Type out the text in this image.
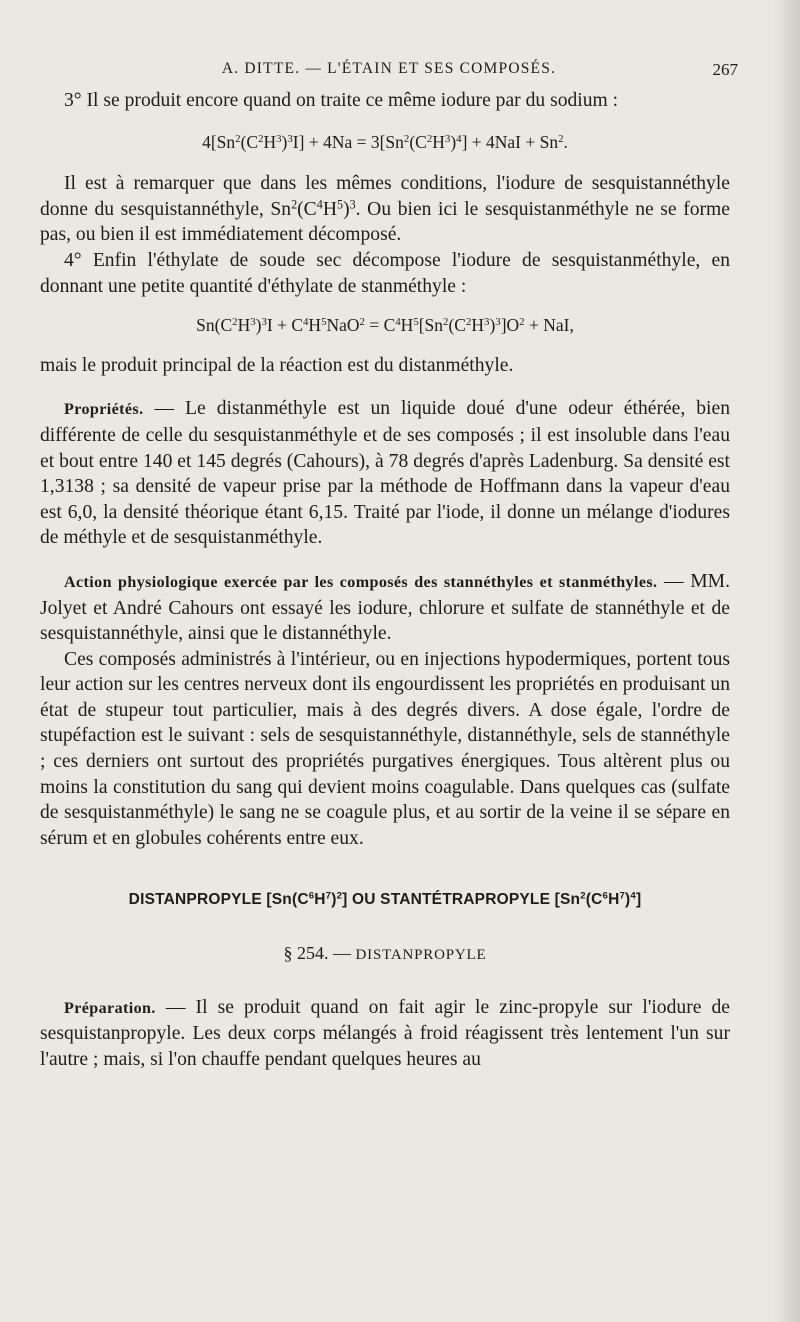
A. DITTE. — L'ÉTAIN ET SES COMPOSÉS.	267

3° Il se produit encore quand on traite ce même iodure par du sodium :

$4[Sn^2(C^2H^3)^3I] + 4Na = 3[Sn^2(C^2H^3)^4] + 4NaI + Sn^2$.

Il est à remarquer que dans les mêmes conditions, l'iodure de sesquistannéthyle donne du sesquistannéthyle, $Sn^2(C^4H^5)^3$. Ou bien ici le sesquistanméthyle ne se forme pas, ou bien il est immédiatement décomposé.

4° Enfin l'éthylate de soude sec décompose l'iodure de sesquistanméthyle, en donnant une petite quantité d'éthylate de stanméthyle :

$Sn(C^2H^3)^3I + C^4H^5NaO^2 = C^4H^5[Sn^2(C^2H^3)^3]O^2$ + NaI,

mais le produit principal de la réaction est du distanméthyle.

Propriétés. — Le distanméthyle est un liquide doué d'une odeur éthérée, bien différente de celle du sesquistanméthyle et de ses composés ; il est insoluble dans l'eau et bout entre 140 et 145 degrés (Cahours), à 78 degrés d'après Ladenburg. Sa densité est 1,3138 ; sa densité de vapeur prise par la méthode de Hoffmann dans la vapeur d'eau est 6,0, la densité théorique étant 6,15. Traité par l'iode, il donne un mélange d'iodures de méthyle et de sesquistanméthyle.

Action physiologique exercée par les composés des stannéthyles et stanméthyles. — MM. Jolyet et André Cahours ont essayé les iodure, chlorure et sulfate de stannéthyle et de sesquistannéthyle, ainsi que le distannéthyle.

Ces composés administrés à l'intérieur, ou en injections hypodermiques, portent tous leur action sur les centres nerveux dont ils engourdissent les propriétés en produisant un état de stupeur tout particulier, mais à des degrés divers. A dose égale, l'ordre de stupéfaction est le suivant : sels de sesquistannéthyle, distannéthyle, sels de stannéthyle ; ces derniers ont surtout des propriétés purgatives énergiques. Tous altèrent plus ou moins la constitution du sang qui devient moins coagulable. Dans quelques cas (sulfate de sesquistanméthyle) le sang ne se coagule plus, et au sortir de la veine il se sépare en sérum et en globules cohérents entre eux.

DISTANPROPYLE $[Sn(C^6H^7)^2]$ OU STANTÉTRAPROPYLE $[Sn^2(C^6H^7)^4]$

§ 254. — DISTANPROPYLE

Préparation. — Il se produit quand on fait agir le zinc-propyle sur l'iodure de sesquistanpropyle. Les deux corps mélangés à froid réagissent très lentement l'un sur l'autre ; mais, si l'on chauffe pendant quelques heures au
